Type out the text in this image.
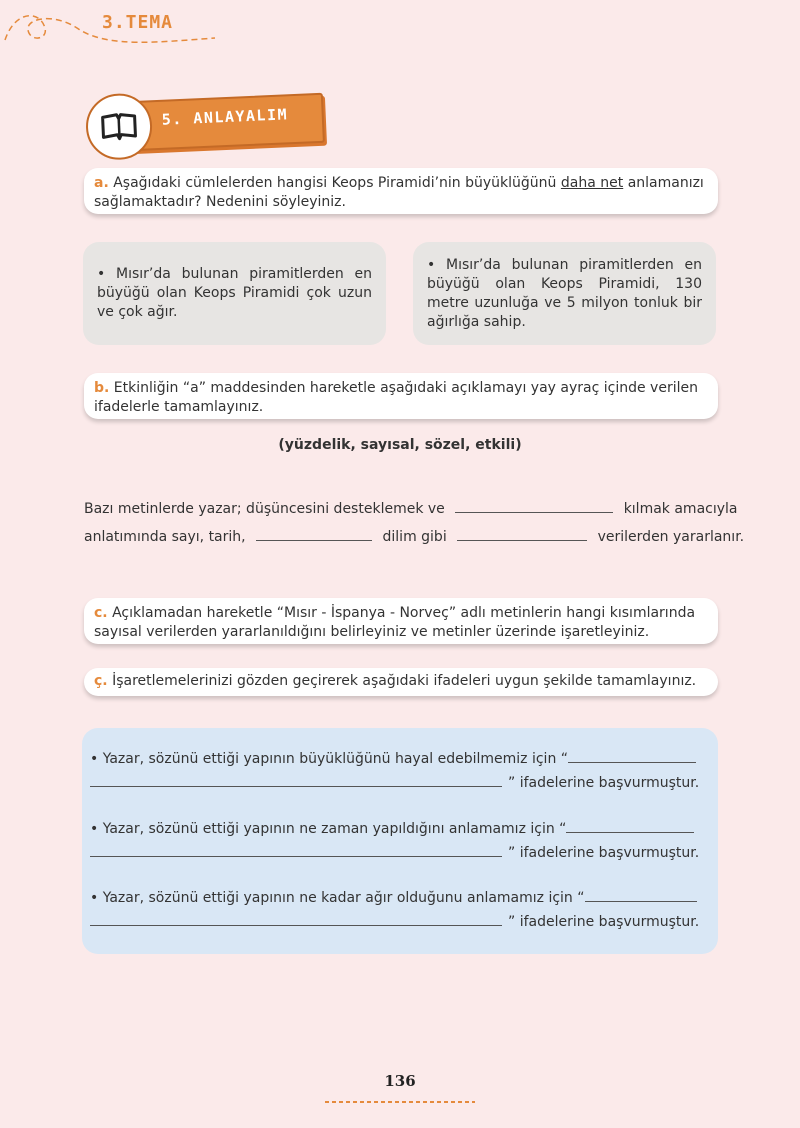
3.TEMA
5. ANLAYALIM
a. Aşağıdaki cümlelerden hangisi Keops Piramidi’nin büyüklüğünü daha net anlamanızı sağlamaktadır? Nedenini söyleyiniz.
• Mısır’da bulunan piramitlerden en büyüğü olan Keops Piramidi çok uzun ve çok ağır.
• Mısır’da bulunan piramitlerden en büyüğü olan Keops Piramidi, 130 metre uzunluğa ve 5 milyon tonluk bir ağırlığa sahip.
b. Etkinliğin “a” maddesinden hareketle aşağıdaki açıklamayı yay ayraç içinde verilen ifadelerle tamamlayınız.
(yüzdelik, sayısal, sözel, etkili)
Bazı metinlerde yazar; düşüncesini desteklemek ve	kılmak amacıyla
anlatımında sayı, tarih,	dilim gibi	verilerden yararlanır.
c. Açıklamadan hareketle “Mısır - İspanya - Norveç” adlı metinlerin hangi kısımlarında sayısal verilerden yararlanıldığını belirleyiniz ve metinler üzerinde işaretleyiniz.
ç. İşaretlemelerinizi gözden geçirerek aşağıdaki ifadeleri uygun şekilde tamamlayınız.
• Yazar, sözünü ettiği yapının büyüklüğünü hayal edebilmemiz için “
” ifadelerine başvurmuştur.
• Yazar, sözünü ettiği yapının ne zaman yapıldığını anlamamız için “
” ifadelerine başvurmuştur.
• Yazar, sözünü ettiği yapının ne kadar ağır olduğunu anlamamız için “
” ifadelerine başvurmuştur.
136
